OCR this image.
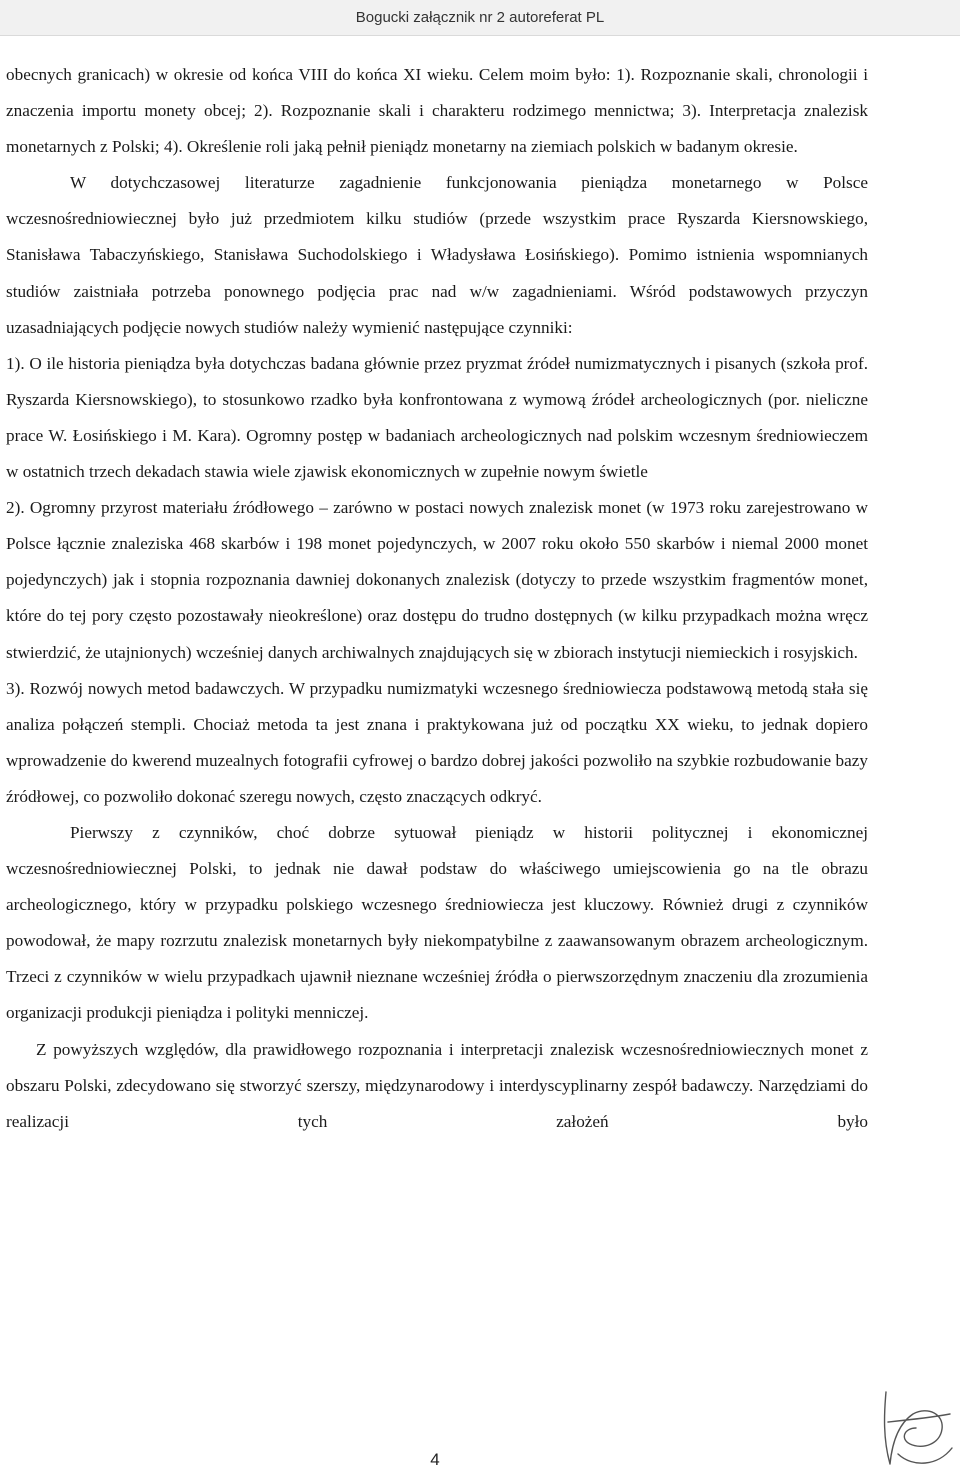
Bogucki załącznik nr 2 autoreferat PL

obecnych granicach) w okresie od końca VIII do końca XI wieku. Celem moim było: 1). Rozpoznanie skali, chronologii i znaczenia importu monety obcej; 2). Rozpoznanie skali i charakteru rodzimego mennictwa; 3). Interpretacja znalezisk monetarnych z Polski; 4). Określenie roli jaką pełnił pieniądz monetarny na ziemiach polskich w badanym okresie.

W dotychczasowej literaturze zagadnienie funkcjonowania pieniądza monetarnego w Polsce wczesnośredniowiecznej było już przedmiotem kilku studiów (przede wszystkim prace Ryszarda Kiersnowskiego, Stanisława Tabaczyńskiego, Stanisława Suchodolskiego i Władysława Łosińskiego). Pomimo istnienia wspomnianych studiów zaistniała potrzeba ponownego podjęcia prac nad w/w zagadnieniami. Wśród podstawowych przyczyn uzasadniających podjęcie nowych studiów należy wymienić następujące czynniki:

1). O ile historia pieniądza była dotychczas badana głównie przez pryzmat źródeł numizmatycznych i pisanych (szkoła prof. Ryszarda Kiersnowskiego), to stosunkowo rzadko była konfrontowana z wymową źródeł archeologicznych (por. nieliczne prace W. Łosińskiego i M. Kara). Ogromny postęp w badaniach archeologicznych nad polskim wczesnym średniowieczem w ostatnich trzech dekadach stawia wiele zjawisk ekonomicznych w zupełnie nowym świetle

2). Ogromny przyrost materiału źródłowego – zarówno w postaci nowych znalezisk monet (w 1973 roku zarejestrowano w Polsce łącznie znaleziska 468 skarbów i 198 monet pojedynczych, w 2007 roku około 550 skarbów i niemal 2000 monet pojedynczych) jak i stopnia rozpoznania dawniej dokonanych znalezisk (dotyczy to przede wszystkim fragmentów monet, które do tej pory często pozostawały nieokreślone) oraz dostępu do trudno dostępnych (w kilku przypadkach można wręcz stwierdzić, że utajnionych) wcześniej danych archiwalnych znajdujących się w zbiorach instytucji niemieckich i rosyjskich.

3). Rozwój nowych metod badawczych. W przypadku numizmatyki wczesnego średniowiecza podstawową metodą stała się analiza połączeń stempli. Chociaż metoda ta jest znana i praktykowana już od początku XX wieku, to jednak dopiero wprowadzenie do kwerend muzealnych fotografii cyfrowej o bardzo dobrej jakości pozwoliło na szybkie rozbudowanie bazy źródłowej, co pozwoliło dokonać szeregu nowych, często znaczących odkryć.

Pierwszy z czynników, choć dobrze sytuował pieniądz w historii politycznej i ekonomicznej wczesnośredniowiecznej Polski, to jednak nie dawał podstaw do właściwego umiejscowienia go na tle obrazu archeologicznego, który w przypadku polskiego wczesnego średniowiecza jest kluczowy. Również drugi z czynników powodował, że mapy rozrzutu znalezisk monetarnych były niekompatybilne z zaawansowanym obrazem archeologicznym. Trzeci z czynników w wielu przypadkach ujawnił nieznane wcześniej źródła o pierwszorzędnym znaczeniu dla zrozumienia organizacji produkcji pieniądza i polityki menniczej.

Z powyższych względów, dla prawidłowego rozpoznania i interpretacji znalezisk wczesnośredniowiecznych monet z obszaru Polski, zdecydowano się stworzyć szerszy, międzynarodowy i interdyscyplinarny zespół badawczy. Narzędziami do realizacji tych założeń było

4
